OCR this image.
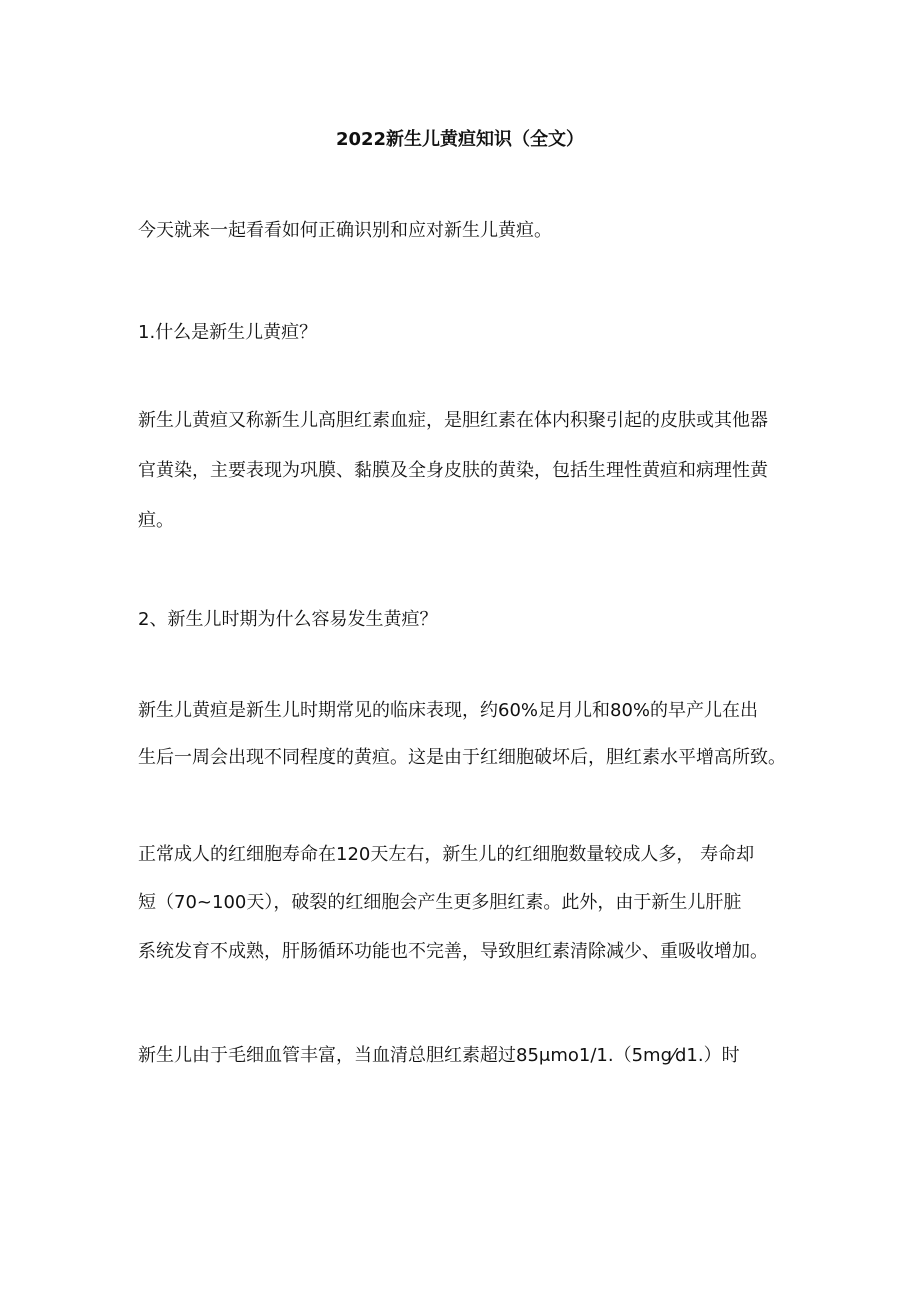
2022新生儿黄疸知识（全文）
今天就来一起看看如何正确识别和应对新生儿黄疸。
1.什么是新生儿黄疸？
新生儿黄疸又称新生儿高胆红素血症，是胆红素在体内积聚引起的皮肤或其他器
官黄染，主要表现为巩膜、黏膜及全身皮肤的黄染，包括生理性黄疸和病理性黄
疸。
2、新生儿时期为什么容易发生黄疸？
新生儿黄疸是新生儿时期常见的临床表现，约60%足月儿和80%的早产儿在出
生后一周会出现不同程度的黄疸。这是由于红细胞破坏后，胆红素水平增高所致。
正常成人的红细胞寿命在120天左右，新生儿的红细胞数量较成人多， 寿命却
短（70~100天），破裂的红细胞会产生更多胆红素。此外，由于新生儿肝脏
系统发育不成熟，肝肠循环功能也不完善，导致胆红素清除减少、重吸收增加。
新生儿由于毛细血管丰富，当血清总胆红素超过85μmo1∕1.（5mg⁄d1.）时
